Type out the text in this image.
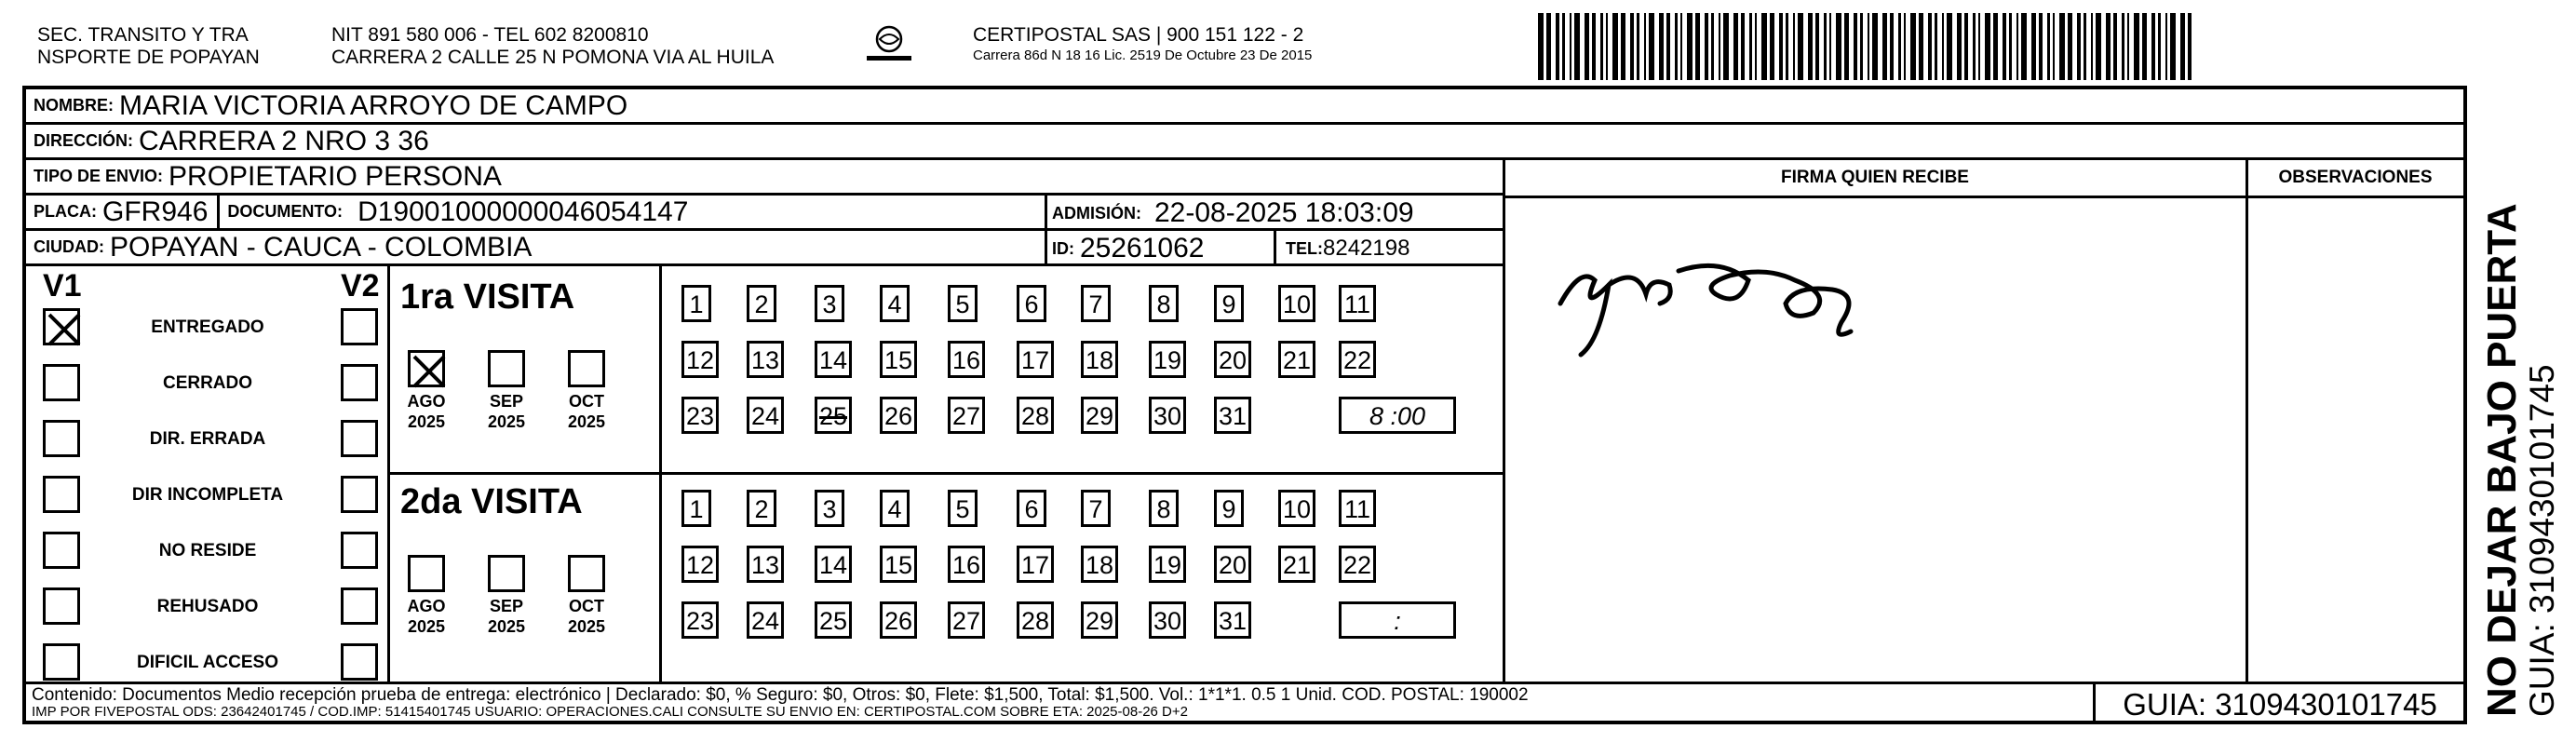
SEC. TRANSITO Y TRA
NSPORTE DE POPAYAN
NIT 891 580 006 - TEL 602 8200810
CARRERA 2 CALLE 25 N POMONA VIA AL HUILA
CERTIPOSTAL SAS | 900 151 122 - 2
Carrera 86d N 18 16 Lic. 2519 De Octubre 23 De 2015
NOMBRE: MARIA VICTORIA ARROYO DE CAMPO
DIRECCIÓN: CARRERA 2 NRO 3 36
TIPO DE ENVIO: PROPIETARIO PERSONA
PLACA: GFR946 DOCUMENTO: D19001000000046054147	ADMISIÓN: 22-08-2025 18:03:09
CIUDAD: POPAYAN - CAUCA - COLOMBIA	ID: 25261062	TEL: 8242198
FIRMA QUIEN RECIBE	OBSERVACIONES
V1	V2
ENTREGADO
CERRADO
DIR. ERRADA
DIR INCOMPLETA
NO RESIDE
REHUSADO
DIFICIL ACCESO
1ra VISITA
2da VISITA
AGO
2025
SEP
2025
OCT
2025
AGO
2025
SEP
2025
OCT
2025
1	2	3	4	5	6	7	8	9	10 11
12 13 14 15 16 17 18 19 20 21 22
23 24 25 26 27 28 29 30 31	8 :00
1	2	3	4	5	6	7	8	9	10 11
12 13 14 15 16 17 18 19 20 21 22
23 24 25 26 27 28 29 30 31	:
Contenido: Documentos Medio recepción prueba de entrega: electrónico | Declarado: $0, % Seguro: $0, Otros: $0, Flete: $1,500, Total: $1,500. Vol.: 1*1*1. 0.5 1 Unid. COD. POSTAL: 190002
IMP POR FIVEPOSTAL ODS: 23642401745 / COD.IMP: 51415401745 USUARIO: OPERACIONES.CALI CONSULTE SU ENVIO EN: CERTIPOSTAL.COM SOBRE ETA: 2025-08-26 D+2	GUIA: 3109430101745	NO DEJAR BAJO PUERTA
GUIA: 3109430101745
